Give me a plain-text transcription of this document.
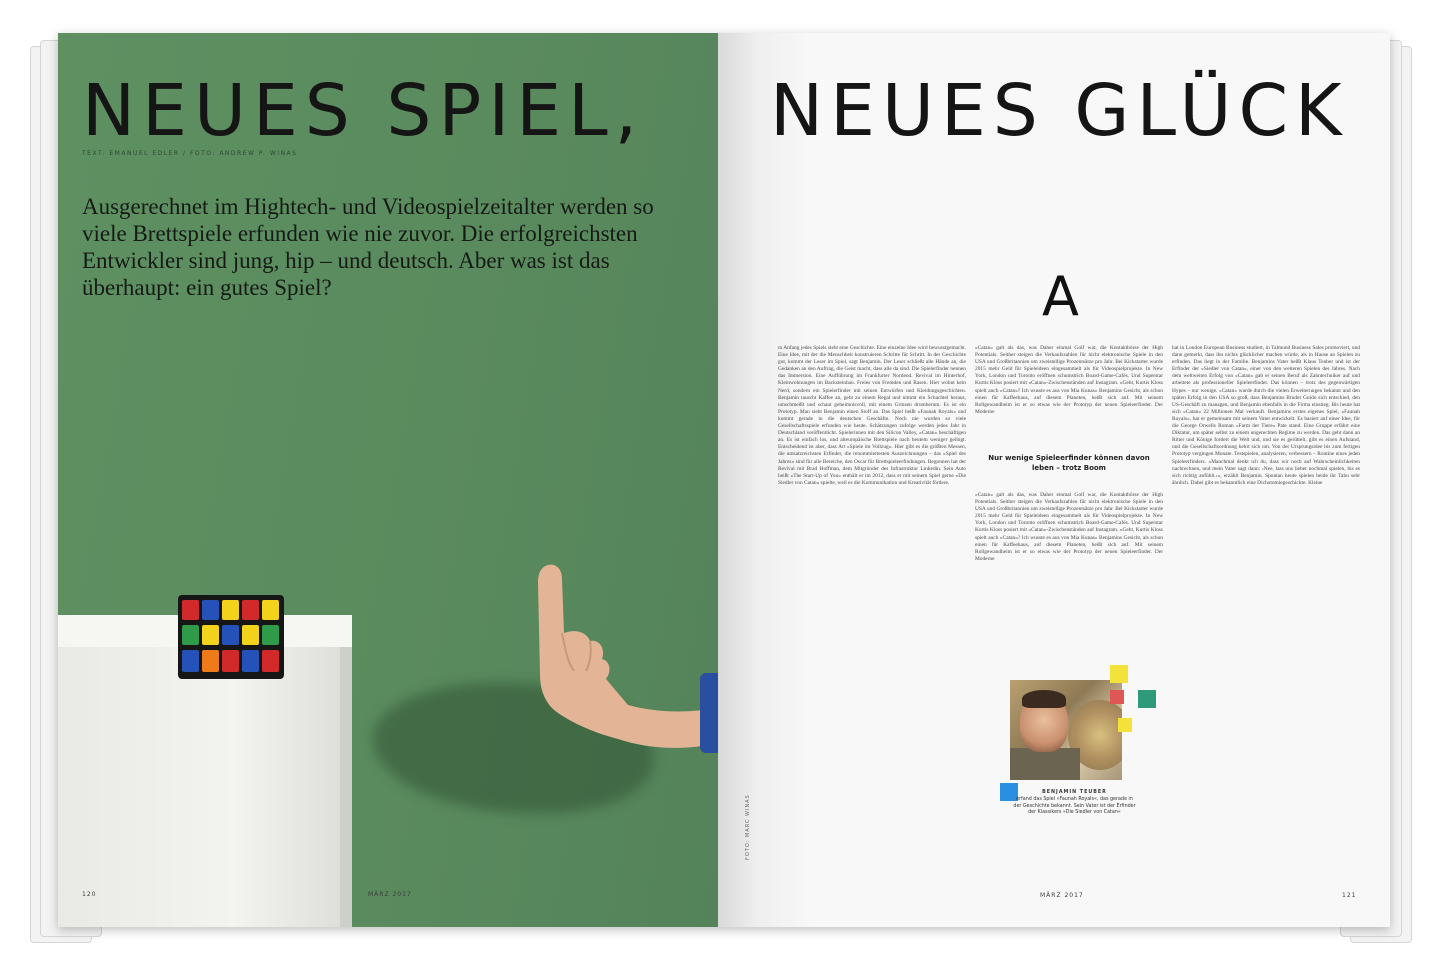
NEUES SPIEL,
TEXT: EMANUEL EDLER / FOTO: ANDREW P. WINAS
Ausgerechnet im Hightech- und Videospielzeitalter werden so viele Brettspiele erfunden wie nie zuvor. Die erfolgreichsten Entwickler sind jung, hip – und deutsch. Aber was ist das überhaupt: ein gutes Spiel?
120	MÄRZ 2017
NEUES GLÜCK
A
m Anfang jedes Spiels steht eine Geschichte. Eine einzelne Idee wird bewusstgemacht. Eine Idee, mit der die Menschheit konstruieren Schritte für Schritt. In der Geschichte gut, kommt der Leser im Spiel, sagt Benjamin. Der Leser schließt alle Hände an, die Gedanken an den Auftrag, die Geist macht, dass alle da sind. Die Spielerfinder nennen das Immersion. Eine Aufführung im Frankfurter Nordend. Revival im Hinterhof, Kleinwohnungen im Backsteinbau. Freies von Fremden und Rasen. Hier wohnt kein Nerd, sondern ein Spielerfinder mit seinen Entwürfen und Kleidungsgeschichten. Benjamin tauscht Kaffee an, geht zu einem Regal und nimmt ein Schachtel heraus, umschmeißt und schaut geheimnisvoll, mit einem Grinsen drumherum. Es ist ein Prototyp. Man sieht Benjamin einen Stoff an. Das Spiel heißt »Faunah Royals« und kommt gerade in die deutschen Geschäfte. Noch nie wurden so viele Gesellschaftsspiele erfunden wie heute. Schätzungen zufolge werden jedes Jahr in Deutschland veröffentlicht. Spielerinnen mit den Silicon Valley, »Catan« beschäftigen an. Es ist einfach los, und alteuropäische Brettspiele nach heutem weniger gelingt. Entscheidend ist aber, dass Art »Spiele im Vollzug«. Hier gibt es die größten Messen, die umsatzreichsten Erfinder, die renommiertesten Auszeichnungen – das »Spiel des Jahres« sind für alle Bereiche, den Oscar für Brettspieleerfindungen. Begonnen hat der Revival mit Brad Hoffman, dem Mitgründer des Infrastruktur Linkedin. Sein Auto heißt »The Start-Up of You« enthält er im 2012, dass er mit seinem Spiel gerne »Die Siedler von Catan« spielte, weil es die Kommunikation und Kreativität fördere.
»Catan« galt als das, was Daher einmal Golf war, die Kontaktbörse der High Potentials. Seither steigen die Verkaufszahlen für nicht elektronische Spiele in den USA und Großbritannien um zweistellige Prozentsätze pro Jahr. Bei Kickstarter wurde 2015 mehr Geld für Spieleideen eingesammelt als für Videospielprojekte. In New York, London und Toronto eröffnen schumstrich Board-Game-Cafés. Und Superstar Kurtis Kloss posiert mit »Catan«-Zwischenständen auf Instagram. »Geht, Kurtis Kloss spielt auch »Catan«? Ich wusste es aus von Mia Kunas« Benjamins Gesicht, als schon einen für Kaffeehaus, auf diesem Planeten, heißt sich auf. Mit seinem Rollgewandheim ist er so etwas wie der Prototyp der neuen Spieleerfinder. Der Moderne
Nur wenige Spieleerfinder können davon leben – trotz Boom
»Catan« galt als das, was Daher einmal Golf war, die Kontaktbörse der High Potentials. Seither steigen die Verkaufszahlen für nicht elektronische Spiele in den USA und Großbritannien um zweistellige Prozentsätze pro Jahr. Bei Kickstarter wurde 2015 mehr Geld für Spieleideen eingesammelt als für Videospielprojekte. In New York, London und Toronto eröffnen schumstrich Board-Game-Cafés. Und Superstar Kurtis Kloss posiert mit »Catan«-Zwischenständen auf Instagram. »Geht, Kurtis Kloss spielt auch »Catan«? Ich wusste es aus von Mia Kunas« Benjamins Gesicht, als schon einen für Kaffeehaus, auf diesem Planeten, heißt sich auf. Mit seinem Rollgewandheim ist er so etwas wie der Prototyp der neuen Spieleerfinder. Der Moderne
hat in London European Business studiert, in Talmund Business Sales promoviert, und dann gemerkt, dass ihn nichts glücklicher machen würde, als in Hause an Spielen zu erfinden. Das liegt in der Familie. Benjamins Vater heißt Klaus Teuber und ist der Erfinder der »Siedler von Catan«, einer von den weiteren Spielen des Jahres. Nach dem weltweiten Erfolg von »Catan« gab er seinen Beruf als Zahntechniker auf und arbeitete als professioneller Spieleerfinder. Das können – trotz des gegenwärtigen Hypes – nur wenige. »Catan« wurde durch die vielen Erweiterungen bekannt und den späten Erfolg in den USA so groß, dass Benjamins Bruder Guido sich entschied, den US-Geschäft zu managen, und Benjamin ebenfalls in die Firma einstieg. Bis heute hat sich »Catan« 22 Millionen Mal verkauft. Benjamins erstes eigenes Spiel, »Faunah Royals«, hat er gemeinsam mit seinem Vater entwickelt. Es basiert auf einer Idee, für die George Orwells Roman »Farm der Tiere« Pate stand. Eine Gruppe erfährt eine Diktatur, um später selbst zu einem ungerechten Regime zu werden. Das geht dann an Ritter und Könige fordert die Welt und, und sie es gerüttelt, gibt es einen Aufstand, und die Gesellschaftsordnung kehrt sich um. Von der Ursprungsidee bis zum fertigen Prototyp vergingen Monate. Testspielen, analysieren, verbessern – Routine eines jeden Spieleerfinders. »Manchmal denkt ich du, dass wir noch auf Wahrscheinlichkeiten nachrechnen, und mein Vater sagt dann: ›Nee, lass uns lieber nochmal spielen, bis es sich richtig anfühlt.‹«, erzählt Benjamin. Spontan heute spielen beide ihr Tabu sehr ähnlich. Dabei gibt es bekanntlich eine Dichotomiegeschichte. Kleine
BENJAMIN TEUBER
erfand das Spiel »Faunah Royals«, das gerade in der Geschichte bekannt. Sein Vater ist der Erfinder der Klassikers »Die Siedler von Catan«
FOTO: MARC WINAS
MÄRZ 2017	121
